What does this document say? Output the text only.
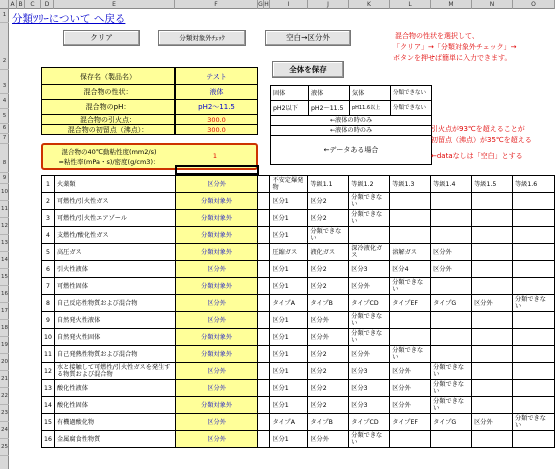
A B	C	D	E	F	G H	I	J	K	L	M	N	O
1
2
3
4
5
6
7
8
9
10
11
12
13
14
15
16
17
18
19
20
21
22
23
24
25
分類ﾂﾘｰについて へ戻る
クリア	分類対象外ﾁｪｯｸ	空白→区分外
全体を保存
混合物の性状を選択して、
「クリア」→「分類対象外チェック」→
ボタンを押せば簡単に入力できます。
保存名（製品名）	テスト
混合物の性状：	液体
混合物のpH：	pH2～11.5
混合物の引火点：	300.0
混合物の初留点（沸点）：	300.0
混合物の40℃動粘性度(mm2/s)
=粘性率(mPa・s)/密度(g/cm3)：
1
固体	液体	気体	分類できない
pH2以下	pH2～11.5	pH11.6以上	分類できない
←液体の時のみ			
←液体の時のみ			
←データある場合			
引火点が93℃を超えることが
初留点（沸点）が35℃を超える
←dataなしは「空白」とする
1	火薬類	区分外		不安定爆発物	等級1.1	等級1.2	等級1.3	等級1.4	等級1.5	等級1.6
2	可燃性/引火性ガス	分類対象外		区分1	区分2	分類できない				
3	可燃性/引火性エアゾール	分類対象外		区分1	区分2	分類できない				
4	支燃性/酸化性ガス	分類対象外		区分1	分類できない					
5	高圧ガス	分類対象外		圧縮ガス	液化ガス	深冷液化ガス	溶解ガス	区分外		
6	引火性液体	区分外		区分1	区分2	区分3	区分4	区分外		
7	可燃性固体	分類対象外		区分1	区分2	区分外	分類できない			
8	自己反応性物質および混合物	区分外		タイプA	タイプB	タイプCD	タイプEF	タイプG	区分外	分類できない
9	自然発火性液体	区分外		区分1	区分外	分類できない				
10	自然発火性固体	分類対象外		区分1	区分外	分類できない				
11	自己発熱性物質および混合物	分類対象外		区分1	区分2	区分外	分類できない			
12	水と接触して可燃性/引火性ガスを発生する物質および混合物	区分外		区分1	区分2	区分3	区分外	分類できない		
13	酸化性液体	区分外		区分1	区分2	区分3	区分外	分類できない		
14	酸化性固体	分類対象外		区分1	区分2	区分3	区分外	分類できない		
15	有機過酸化物	区分外		タイプA	タイプB	タイプCD	タイプEF	タイプG	区分外	分類できない
16	金属腐食性物質	区分外		区分1	区分外	分類できない				
